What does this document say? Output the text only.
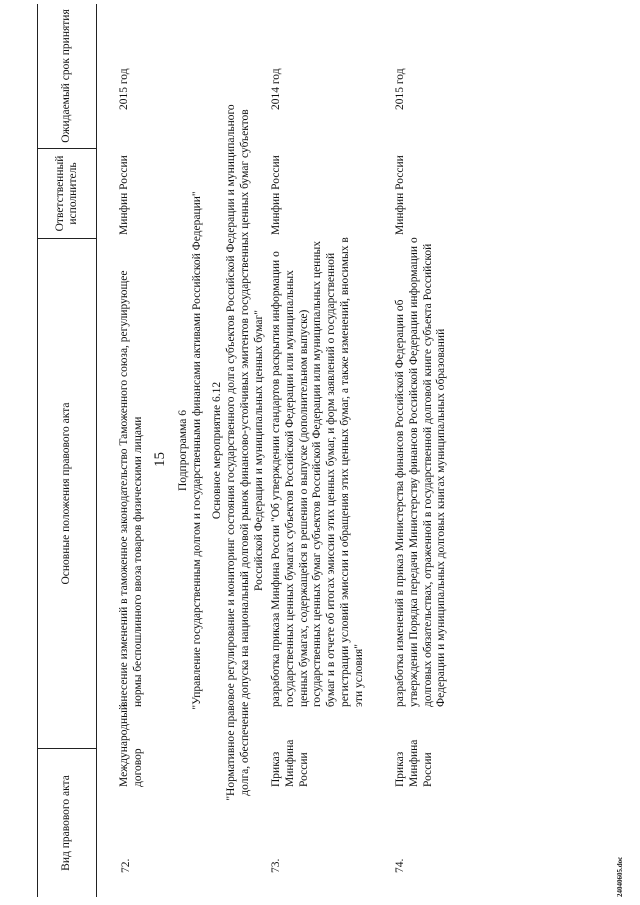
15
Вид правового акта
Основные положения правового акта
Ответственный исполнитель
Ожидаемый срок принятия
72.
Международный договор
внесение изменений в таможенное законодательство Таможенного союза, регулирующее нормы беспошлинного ввоза товаров физическими лицами
Минфин России
2015 год
Подпрограмма 6 "Управление государственным долгом и государственными финансами активами Российской Федерации" Основное мероприятие 6.12 "Нормативное правовое регулирование и мониторинг состояния государственного долга субъектов Российской Федерации и муниципального долга, обеспечение допуска на национальный долговой рынок финансово-устойчивых эмитентов государственных ценных бумаг субъектов Российской Федерации и муниципальных ценных бумаг"
73.
Приказ Минфина России
разработка приказа Минфина России "Об утверждении стандартов раскрытия информации о государственных ценных бумагах субъектов Российской Федерации или муниципальных ценных бумагах, содержащейся в решении о выпуске (дополнительном выпуске) государственных ценных бумаг субъектов Российской Федерации или муниципальных ценных бумаг и в отчете об итогах эмиссии этих ценных бумаг, и форм заявлений о государственной регистрации условий эмиссии и обращения этих ценных бумаг, а также изменений, вносимых в эти условия"
Минфин России
2014 год
74.
Приказ Минфина России
разработка изменений в приказ Министерства финансов Российской Федерации об утверждении Порядка передачи Министерству финансов Российской Федерации информации о долговых обязательствах, отраженной в государственной долговой книге субъекта Российской Федерации и муниципальных долговых книгах муниципальных образований
Минфин России
2015 год
24040605.doc
